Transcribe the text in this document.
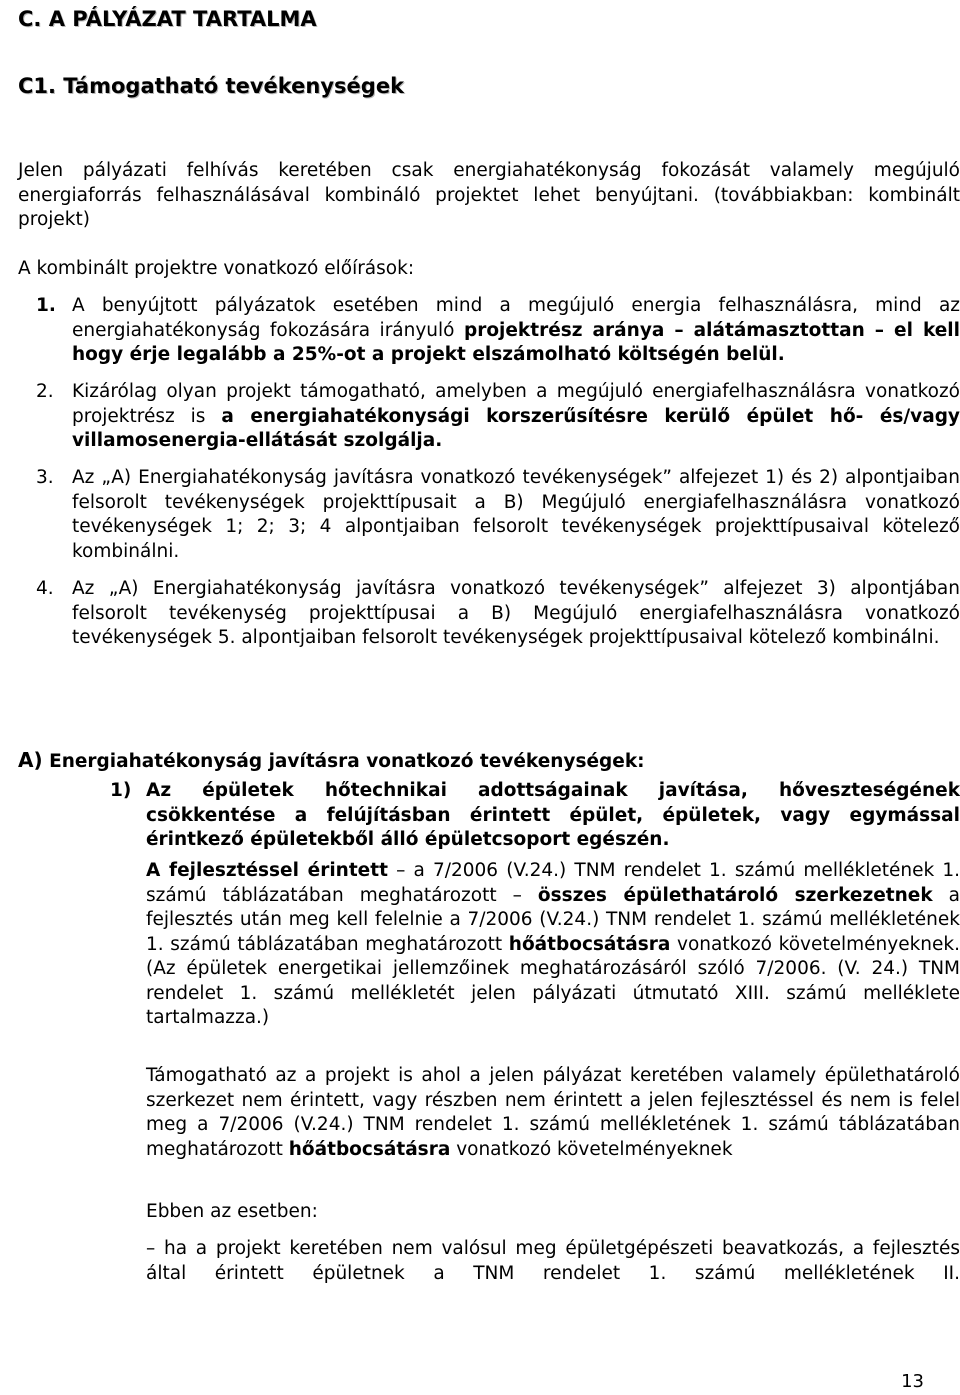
C. A PÁLYÁZAT TARTALMA
C1. Támogatható tevékenységek
Jelen pályázati felhívás keretében csak energiahatékonyság fokozását valamely megújuló energiaforrás felhasználásával kombináló projektet lehet benyújtani. (továbbiakban: kombinált projekt)
A kombinált projektre vonatkozó előírások:
1. A benyújtott pályázatok esetében mind a megújuló energia felhasználásra, mind az energiahatékonyság fokozására irányuló projektrész aránya – alátámasztottan – el kell hogy érje legalább a 25%-ot a projekt elszámolható költségén belül.
2. Kizárólag olyan projekt támogatható, amelyben a megújuló energiafelhasználásra vonatkozó projektrész is a energiahatékonysági korszerűsítésre kerülő épület hő- és/vagy villamosenergia-ellátását szolgálja.
3. Az „A) Energiahatékonyság javításra vonatkozó tevékenységek” alfejezet 1) és 2) alpontjaiban felsorolt tevékenységek projekttípusait a B) Megújuló energiafelhasználásra vonatkozó tevékenységek 1; 2; 3; 4 alpontjaiban felsorolt tevékenységek projekttípusaival kötelező kombinálni.
4. Az „A) Energiahatékonyság javításra vonatkozó tevékenységek” alfejezet 3) alpontjában felsorolt tevékenység projekttípusai a B) Megújuló energiafelhasználásra vonatkozó tevékenységek 5. alpontjaiban felsorolt tevékenységek projekttípusaival kötelező kombinálni.
A) Energiahatékonyság javításra vonatkozó tevékenységek:
1) Az épületek hőtechnikai adottságainak javítása, hőveszteségének csökkentése a felújításban érintett épület, épületek, vagy egymással érintkező épületekből álló épületcsoport egészén.
A fejlesztéssel érintett – a 7/2006 (V.24.) TNM rendelet 1. számú mellékletének 1. számú táblázatában meghatározott – összes épülethatároló szerkezetnek a fejlesztés után meg kell felelnie a 7/2006 (V.24.) TNM rendelet 1. számú mellékletének 1. számú táblázatában meghatározott hőátbocsátásra vonatkozó követelményeknek. (Az épületek energetikai jellemzőinek meghatározásáról szóló 7/2006. (V. 24.) TNM rendelet 1. számú mellékletét jelen pályázati útmutató XIII. számú melléklete tartalmazza.)
Támogatható az a projekt is ahol a jelen pályázat keretében valamely épülethatároló szerkezet nem érintett, vagy részben nem érintett a jelen fejlesztéssel és nem is felel meg a 7/2006 (V.24.) TNM rendelet 1. számú mellékletének 1. számú táblázatában meghatározott hőátbocsátásra vonatkozó követelményeknek
Ebben az esetben:
– ha a projekt keretében nem valósul meg épületgépészeti beavatkozás, a fejlesztés által érintett épületnek a TNM rendelet 1. számú mellékletének II.
13
